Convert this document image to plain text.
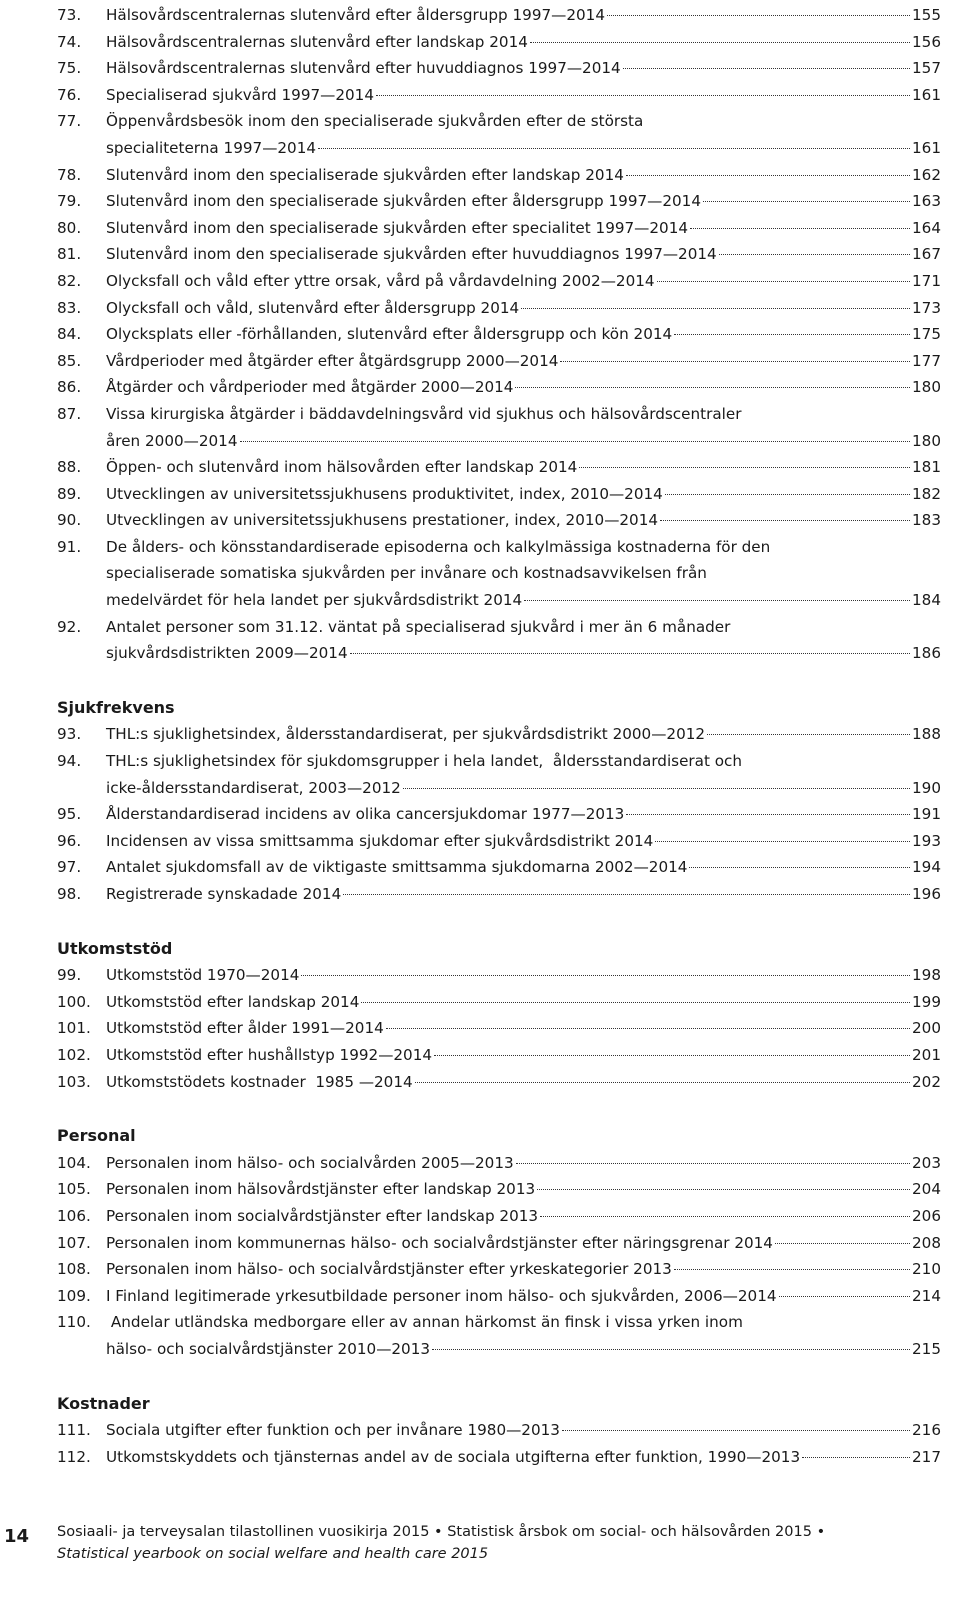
73.	Hälsovårdscentralernas slutenvård efter åldersgrupp 1997—2014	155
74.	Hälsovårdscentralernas slutenvård efter landskap 2014	156
75.	Hälsovårdscentralernas slutenvård efter huvuddiagnos 1997—2014	157
76.	Specialiserad sjukvård 1997—2014	161
77.	Öppenvårdsbesök inom den specialiserade sjukvården efter de största
specialiteterna 1997—2014	161
78.	Slutenvård inom den specialiserade sjukvården efter landskap 2014	162
79.	Slutenvård inom den specialiserade sjukvården efter åldersgrupp 1997—2014	163
80.	Slutenvård inom den specialiserade sjukvården efter specialitet 1997—2014	164
81.	Slutenvård inom den specialiserade sjukvården efter huvuddiagnos 1997—2014	167
82.	Olycksfall och våld efter yttre orsak, vård på vårdavdelning 2002—2014	171
83.	Olycksfall och våld, slutenvård efter åldersgrupp 2014	173
84.	Olycksplats eller -förhållanden, slutenvård efter åldersgrupp och kön 2014	175
85.	Vårdperioder med åtgärder efter åtgärdsgrupp 2000—2014	177
86.	Åtgärder och vårdperioder med åtgärder 2000—2014	180
87.	Vissa kirurgiska åtgärder i bäddavdelningsvård vid sjukhus och hälsovårdscentraler
åren 2000—2014	180
88.	Öppen- och slutenvård inom hälsovården efter landskap 2014	181
89.	Utvecklingen av universitetssjukhusens produktivitet, index, 2010—2014	182
90.	Utvecklingen av universitetssjukhusens prestationer, index, 2010—2014	183
91.	De ålders- och könsstandardiserade episoderna och kalkylmässiga kostnaderna för den
specialiserade somatiska sjukvården per invånare och kostnadsavvikelsen från
medelvärdet för hela landet per sjukvårdsdistrikt 2014	184
92.	Antalet personer som 31.12. väntat på specialiserad sjukvård i mer än 6 månader
sjukvårdsdistrikten 2009—2014	186
Sjukfrekvens
93.	THL:s sjuklighetsindex, åldersstandardiserat, per sjukvårdsdistrikt 2000—2012	188
94.	THL:s sjuklighetsindex för sjukdomsgrupper i hela landet,  åldersstandardiserat och
icke-åldersstandardiserat, 2003—2012	190
95.	Ålderstandardiserad incidens av olika cancersjukdomar 1977—2013	191
96.	Incidensen av vissa smittsamma sjukdomar efter sjukvårdsdistrikt 2014	193
97.	Antalet sjukdomsfall av de viktigaste smittsamma sjukdomarna 2002—2014	194
98.	Registrerade synskadade 2014	196
Utkomststöd
99.	Utkomststöd 1970—2014	198
100. Utkomststöd efter landskap 2014	199
101. Utkomststöd efter ålder 1991—2014	200
102. Utkomststöd efter hushållstyp 1992—2014	201
103. Utkomststödets kostnader  1985 —2014	202
Personal
104. Personalen inom hälso- och socialvården 2005—2013	203
105. Personalen inom hälsovårdstjänster efter landskap 2013	204
106. Personalen inom socialvårdstjänster efter landskap 2013	206
107. Personalen inom kommunernas hälso- och socialvårdstjänster efter näringsgrenar 2014	208
108. Personalen inom hälso- och socialvårdstjänster efter yrkeskategorier 2013	210
109. I Finland legitimerade yrkesutbildade personer inom hälso- och sjukvården, 2006—2014	214
110. Andelar utländska medborgare eller av annan härkomst än finsk i vissa yrken inom
hälso- och socialvårdstjänster 2010—2013	215
Kostnader
111. Sociala utgifter efter funktion och per invånare 1980—2013	216
112. Utkomstskyddets och tjänsternas andel av de sociala utgifterna efter funktion, 1990—2013	217
14 Sosiaali- ja terveysalan tilastollinen vuosikirja 2015 • Statistisk årsbok om social- och hälsovården 2015 •
Statistical yearbook on social welfare and health care 2015
